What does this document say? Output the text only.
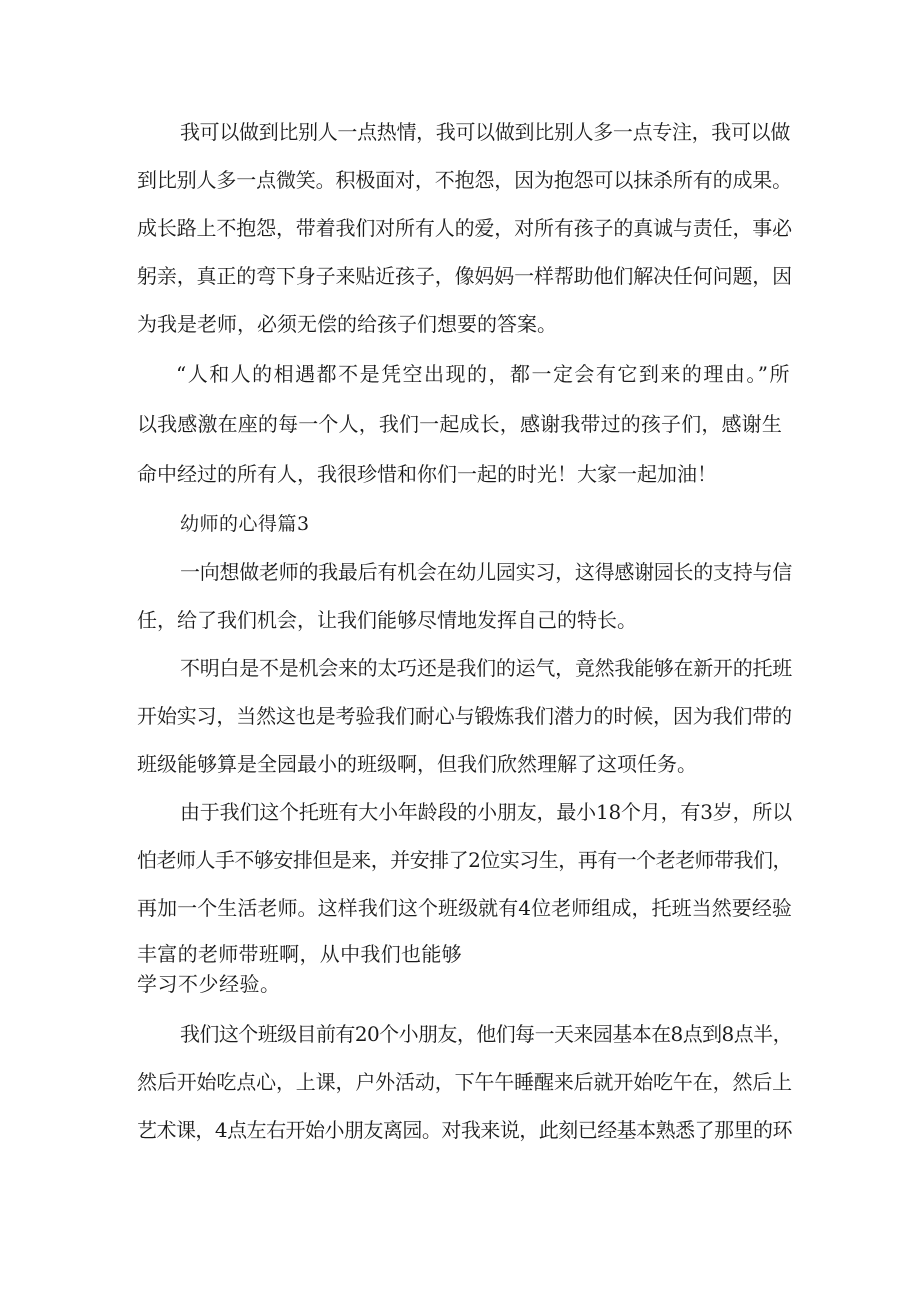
我可以做到比别人一点热情，我可以做到比别人多一点专注，我可以做
到比别人多一点微笑。积极面对，不抱怨，因为抱怨可以抹杀所有的成果。
成长路上不抱怨，带着我们对所有人的爱，对所有孩子的真诚与责任，事必
躬亲，真正的弯下身子来贴近孩子，像妈妈一样帮助他们解决任何问题，因
为我是老师，必须无偿的给孩子们想要的答案。
“人和人的相遇都不是凭空出现的，都一定会有它到来的理由。”所
以我感激在座的每一个人，我们一起成长，感谢我带过的孩子们，感谢生
命中经过的所有人，我很珍惜和你们一起的时光！大家一起加油！
幼师的心得篇3
一向想做老师的我最后有机会在幼儿园实习，这得感谢园长的支持与信
任，给了我们机会，让我们能够尽情地发挥自己的特长。
不明白是不是机会来的太巧还是我们的运气，竟然我能够在新开的托班
开始实习，当然这也是考验我们耐心与锻炼我们潜力的时候，因为我们带的
班级能够算是全园最小的班级啊，但我们欣然理解了这项任务。
由于我们这个托班有大小年龄段的小朋友，最小18个月，有3岁，所以
怕老师人手不够安排但是来，并安排了2位实习生，再有一个老老师带我们，
再加一个生活老师。这样我们这个班级就有4位老师组成，托班当然要经验
丰富的老师带班啊，从中我们也能够
学习不少经验。
我们这个班级目前有20个小朋友，他们每一天来园基本在8点到8点半，
然后开始吃点心，上课，户外活动，下午午睡醒来后就开始吃午在，然后上
艺术课，4点左右开始小朋友离园。对我来说，此刻已经基本熟悉了那里的环
